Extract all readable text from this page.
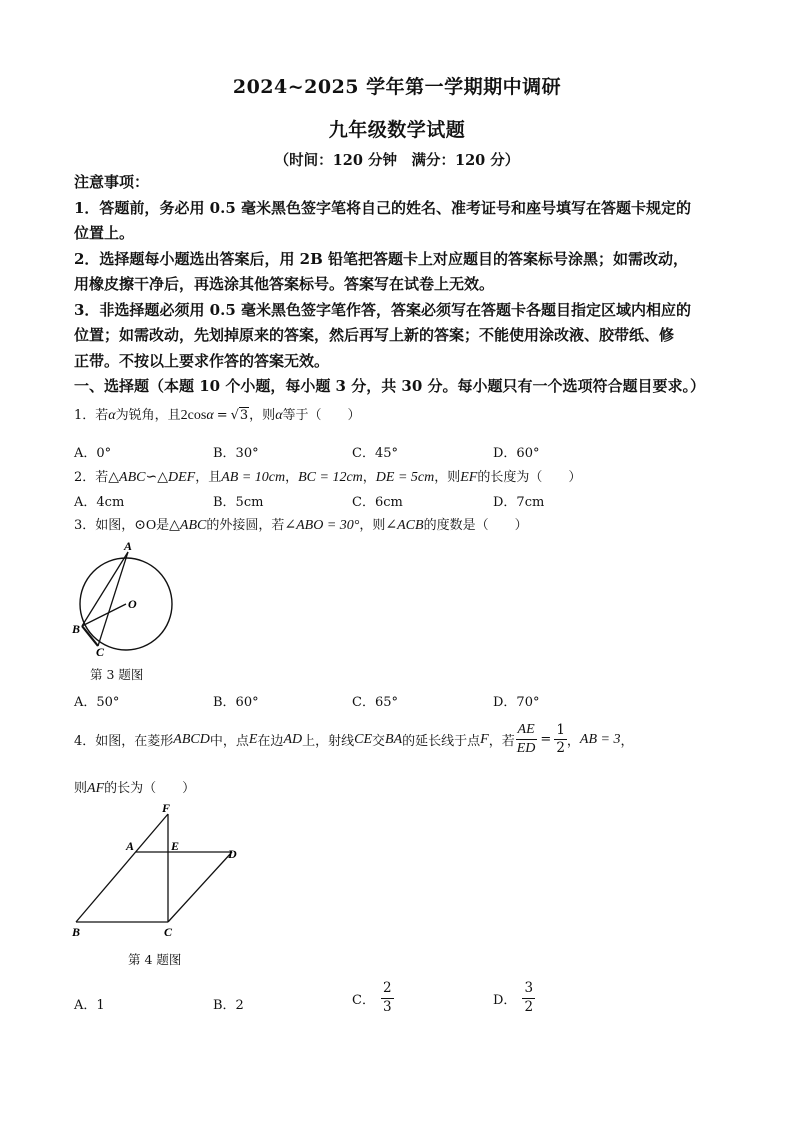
2024~2025 学年第一学期期中调研
九年级数学试题
（时间：120 分钟　满分：120 分）
注意事项：
1．答题前，务必用 0.5 毫米黑色签字笔将自己的姓名、准考证号和座号填写在答题卡规定的
位置上。
2．选择题每小题选出答案后，用 2B 铅笔把答题卡上对应题目的答案标号涂黑；如需改动，
用橡皮擦干净后，再选涂其他答案标号。答案写在试卷上无效。
3．非选择题必须用 0.5 毫米黑色签字笔作答，答案必须写在答题卡各题目指定区域内相应的
位置；如需改动，先划掉原来的答案，然后再写上新的答案；不能使用涂改液、胶带纸、修
正带。不按以上要求作答的答案无效。
一、选择题（本题 10 个小题，每小题 3 分，共 30 分。每小题只有一个选项符合题目要求。）
1．若α为锐角，且2cosα = √3，则α等于（　　）
A．0°	B．30°	C．45°	D．60°
2．若△ABC∽△DEF，且AB = 10cm，BC = 12cm，DE = 5cm，则EF的长度为（　　）
A．4cm	B．5cm	C．6cm	D．7cm
3．如图，⊙O是△ABC的外接圆，若∠ABO = 30°，则∠ACB的度数是（　　）
A
B
C
O
第 3 题图
A．50°	B．60°	C．65°	D．70°
4．如图，在菱形 ABCD 中，点 E 在边 AD 上，射线 CE 交 BA 的延长线于点 F ，若 $\frac{AE}{ED} = \frac{1}{2}$ ， AB = 3 ，
则AF的长为（　　）
F
A	E
D
B	C
第 4 题图
A．1	B．2	C． $\frac{2}{3}$	D． $\frac{3}{2}$
